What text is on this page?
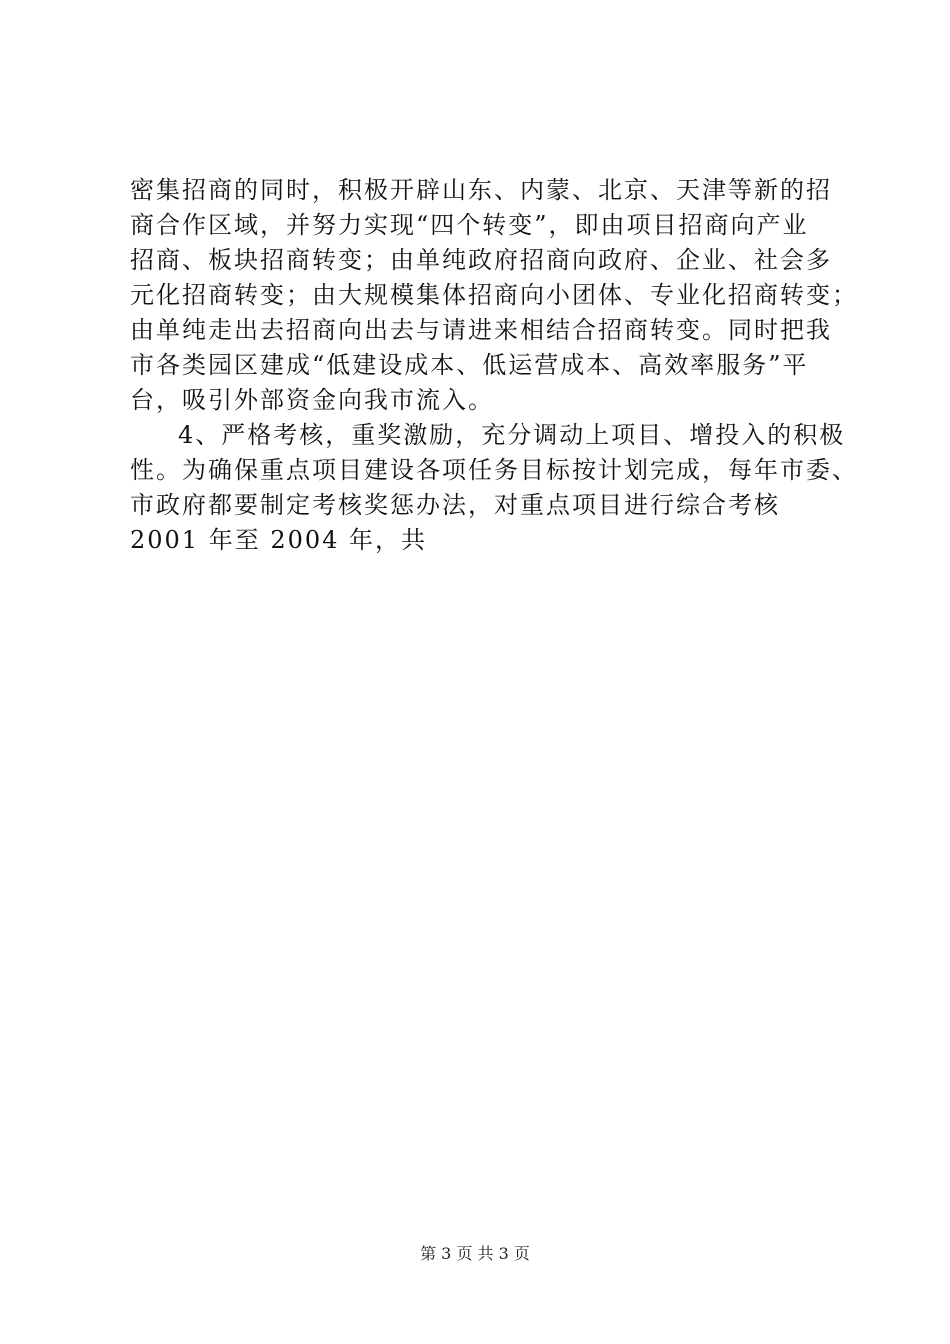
密集招商的同时，积极开辟山东、内蒙、北京、天津等新的招
商合作区域，并努力实现“四个转变”，即由项目招商向产业
招商、板块招商转变；由单纯政府招商向政府、企业、社会多
元化招商转变；由大规模集体招商向小团体、专业化招商转变；
由单纯走出去招商向出去与请进来相结合招商转变。同时把我
市各类园区建成“低建设成本、低运营成本、高效率服务”平
台，吸引外部资金向我市流入。
4、严格考核，重奖激励，充分调动上项目、增投入的积极
性。为确保重点项目建设各项任务目标按计划完成，每年市委、
市政府都要制定考核奖惩办法，对重点项目进行综合考核
2001 年至 2004 年，共
第 3 页 共 3 页
